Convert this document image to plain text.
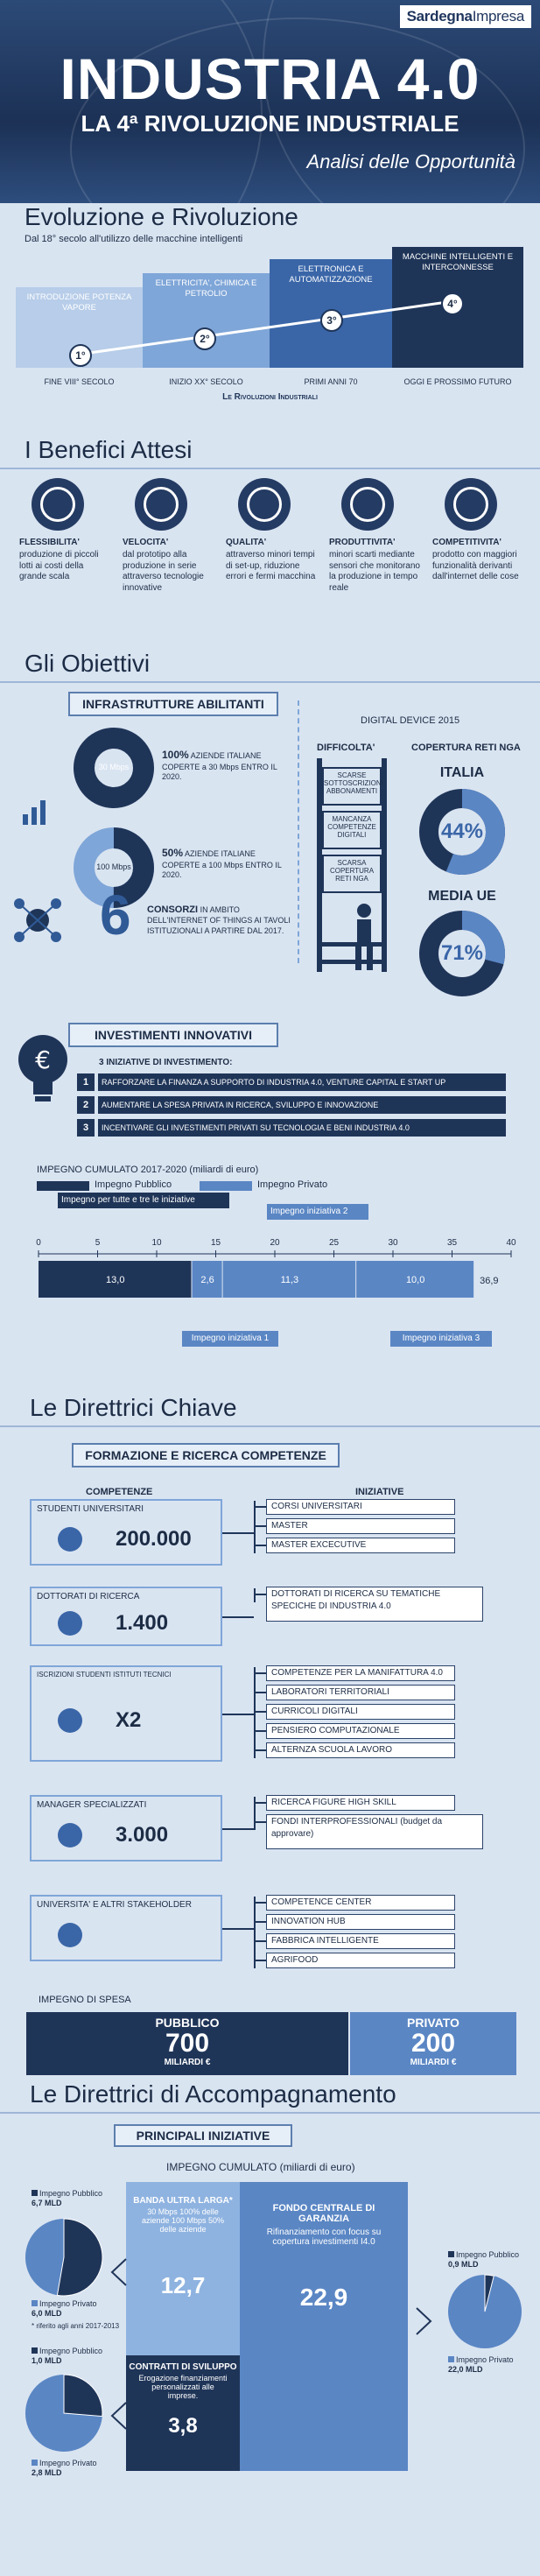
SardegnaImpresa
INDUSTRIA 4.0
LA 4ª RIVOLUZIONE INDUSTRIALE
Analisi delle Opportunità
Evoluzione e Rivoluzione
Dal 18° secolo all'utilizzo delle macchine intelligenti
INTRODUZIONE POTENZA VAPORE
ELETTRICITA', CHIMICA E PETROLIO
ELETTRONICA E AUTOMATIZZAZIONE
MACCHINE INTELLIGENTI E INTERCONNESSE
1°
2°
3°
4°
FINE VIII° SECOLO	INIZIO XX° SECOLO	PRIMI ANNI 70	OGGI E PROSSIMO FUTURO
Le Rivoluzioni Industriali
I Benefici Attesi
FLESSIBILITA'
produzione di piccoli lotti ai costi della grande scala
VELOCITA'
dal prototipo alla produzione in serie attraverso tecnologie innovative
QUALITA'
attraverso minori tempi di set-up, riduzione errori e fermi macchina
PRODUTTIVITA'
minori scarti mediante sensori che monitorano la produzione in tempo reale
COMPETITIVITA'
prodotto con maggiori funzionalità derivanti dall'internet delle cose
Gli Obiettivi
INFRASTRUTTURE ABILITANTI
30 Mbps
100% AZIENDE ITALIANE COPERTE a 30 Mbps ENTRO IL 2020.
100 Mbps
50% AZIENDE ITALIANE COPERTE a 100 Mbps ENTRO IL 2020.
6 CONSORZI IN AMBITO DELL'INTERNET OF THINGS AI TAVOLI ISTITUZIONALI A PARTIRE DAL 2017.
DIGITAL DEVICE 2015
DIFFICOLTA'	COPERTURA RETI NGA
SCARSE SOTTOSCRIZIONI ABBONAMENTI
MANCANZA COMPETENZE DIGITALI
SCARSA COPERTURA RETI NGA
ITALIA
44%
MEDIA UE
71%
INVESTIMENTI INNOVATIVI
3 INIZIATIVE DI INVESTIMENTO:
€
1	RAFFORZARE LA FINANZA A SUPPORTO DI INDUSTRIA 4.0, VENTURE CAPITAL E START UP
2	AUMENTARE LA SPESA PRIVATA IN RICERCA, SVILUPPO E INNOVAZIONE
3	INCENTIVARE GLI INVESTIMENTI PRIVATI SU TECNOLOGIA E BENI INDUSTRIA 4.0
IMPEGNO CUMULATO 2017-2020 (miliardi di euro)
Impegno Pubblico	Impegno Privato
Impegno per tutte e tre le iniziative
Impegno iniziativa 2
0	5	10	15	20	25	30	35	40
13,0	2,6	11,3	10,0	36,9
Impegno iniziativa 1	Impegno iniziativa 3
Le Direttrici Chiave
FORMAZIONE E RICERCA COMPETENZE
COMPETENZE	INIZIATIVE
STUDENTI UNIVERSITARI
200.000
CORSI UNIVERSITARI
MASTER
MASTER EXCECUTIVE
DOTTORATI DI RICERCA
1.400
DOTTORATI DI RICERCA SU TEMATICHE SPECICHE DI INDUSTRIA 4.0
ISCRIZIONI STUDENTI ISTITUTI TECNICI
X2
COMPETENZE PER LA MANIFATTURA 4.0
LABORATORI TERRITORIALI
CURRICOLI DIGITALI
PENSIERO COMPUTAZIONALE
ALTERNZA SCUOLA LAVORO
MANAGER SPECIALIZZATI
3.000
RICERCA FIGURE HIGH SKILL
FONDI INTERPROFESSIONALI (budget da approvare)
UNIVERSITA' E ALTRI STAKEHOLDER	COMPETENCE CENTER
INNOVATION HUB
FABBRICA INTELLIGENTE
AGRIFOOD
IMPEGNO DI SPESA
PUBBLICO
700
MILIARDI €
PRIVATO
200
MILIARDI €
Le Direttrici di Accompagnamento
PRINCIPALI INIZIATIVE
IMPEGNO CUMULATO (miliardi di euro)
BANDA ULTRA LARGA*
30 Mbps 100% delle aziende 100 Mbps 50% delle aziende
12,7
FONDO CENTRALE DI GARANZIA
Rifinanziamento con focus su copertura investimenti I4.0
22,9
CONTRATTI DI SVILUPPO
Erogazione finanziamenti personalizzati alle imprese.
3,8
Impegno Pubblico
6,7 MLD
Impegno Privato
6,0 MLD
* riferito agli anni 2017-2013
Impegno Pubblico
0,9 MLD
Impegno Privato
22,0 MLD
Impegno Pubblico
1,0 MLD
Impegno Privato
2,8 MLD
